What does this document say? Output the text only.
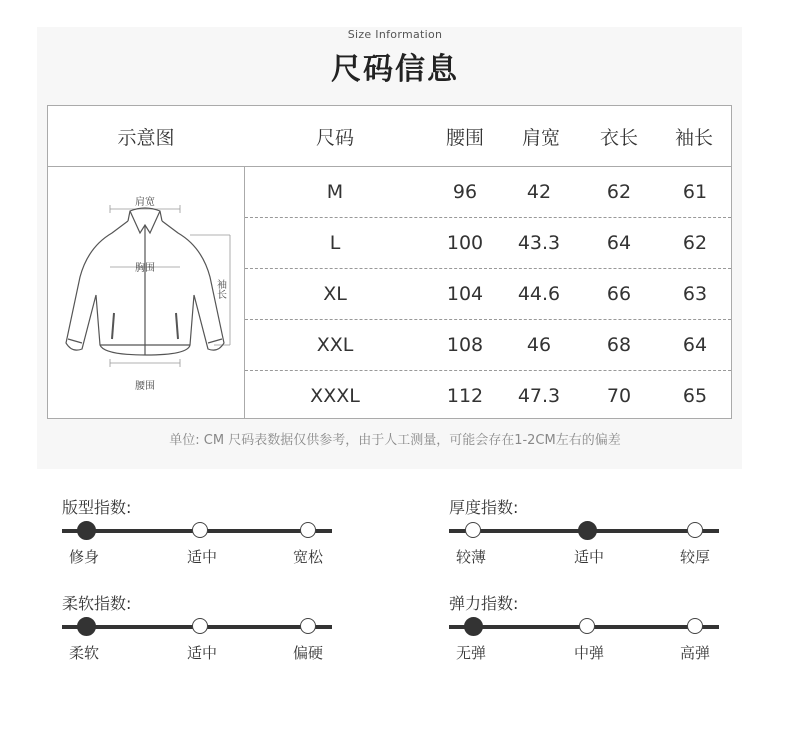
Size Information
尺码信息
示意图	尺码	腰围	肩宽	衣长	袖长
肩宽
胸围
腰围
袖长
M	96	42	62	61
L	100	43.3	64	62
XL	104	44.6	66	63
XXL	108	46	68	64
XXXL	112	47.3	70	65
单位: CM 尺码表数据仅供参考，由于人工测量，可能会存在1-2CM左右的偏差
版型指数:
修身	适中	宽松
厚度指数:
较薄	适中	较厚
柔软指数:
柔软	适中	偏硬
弹力指数:
无弹	中弹	高弹
